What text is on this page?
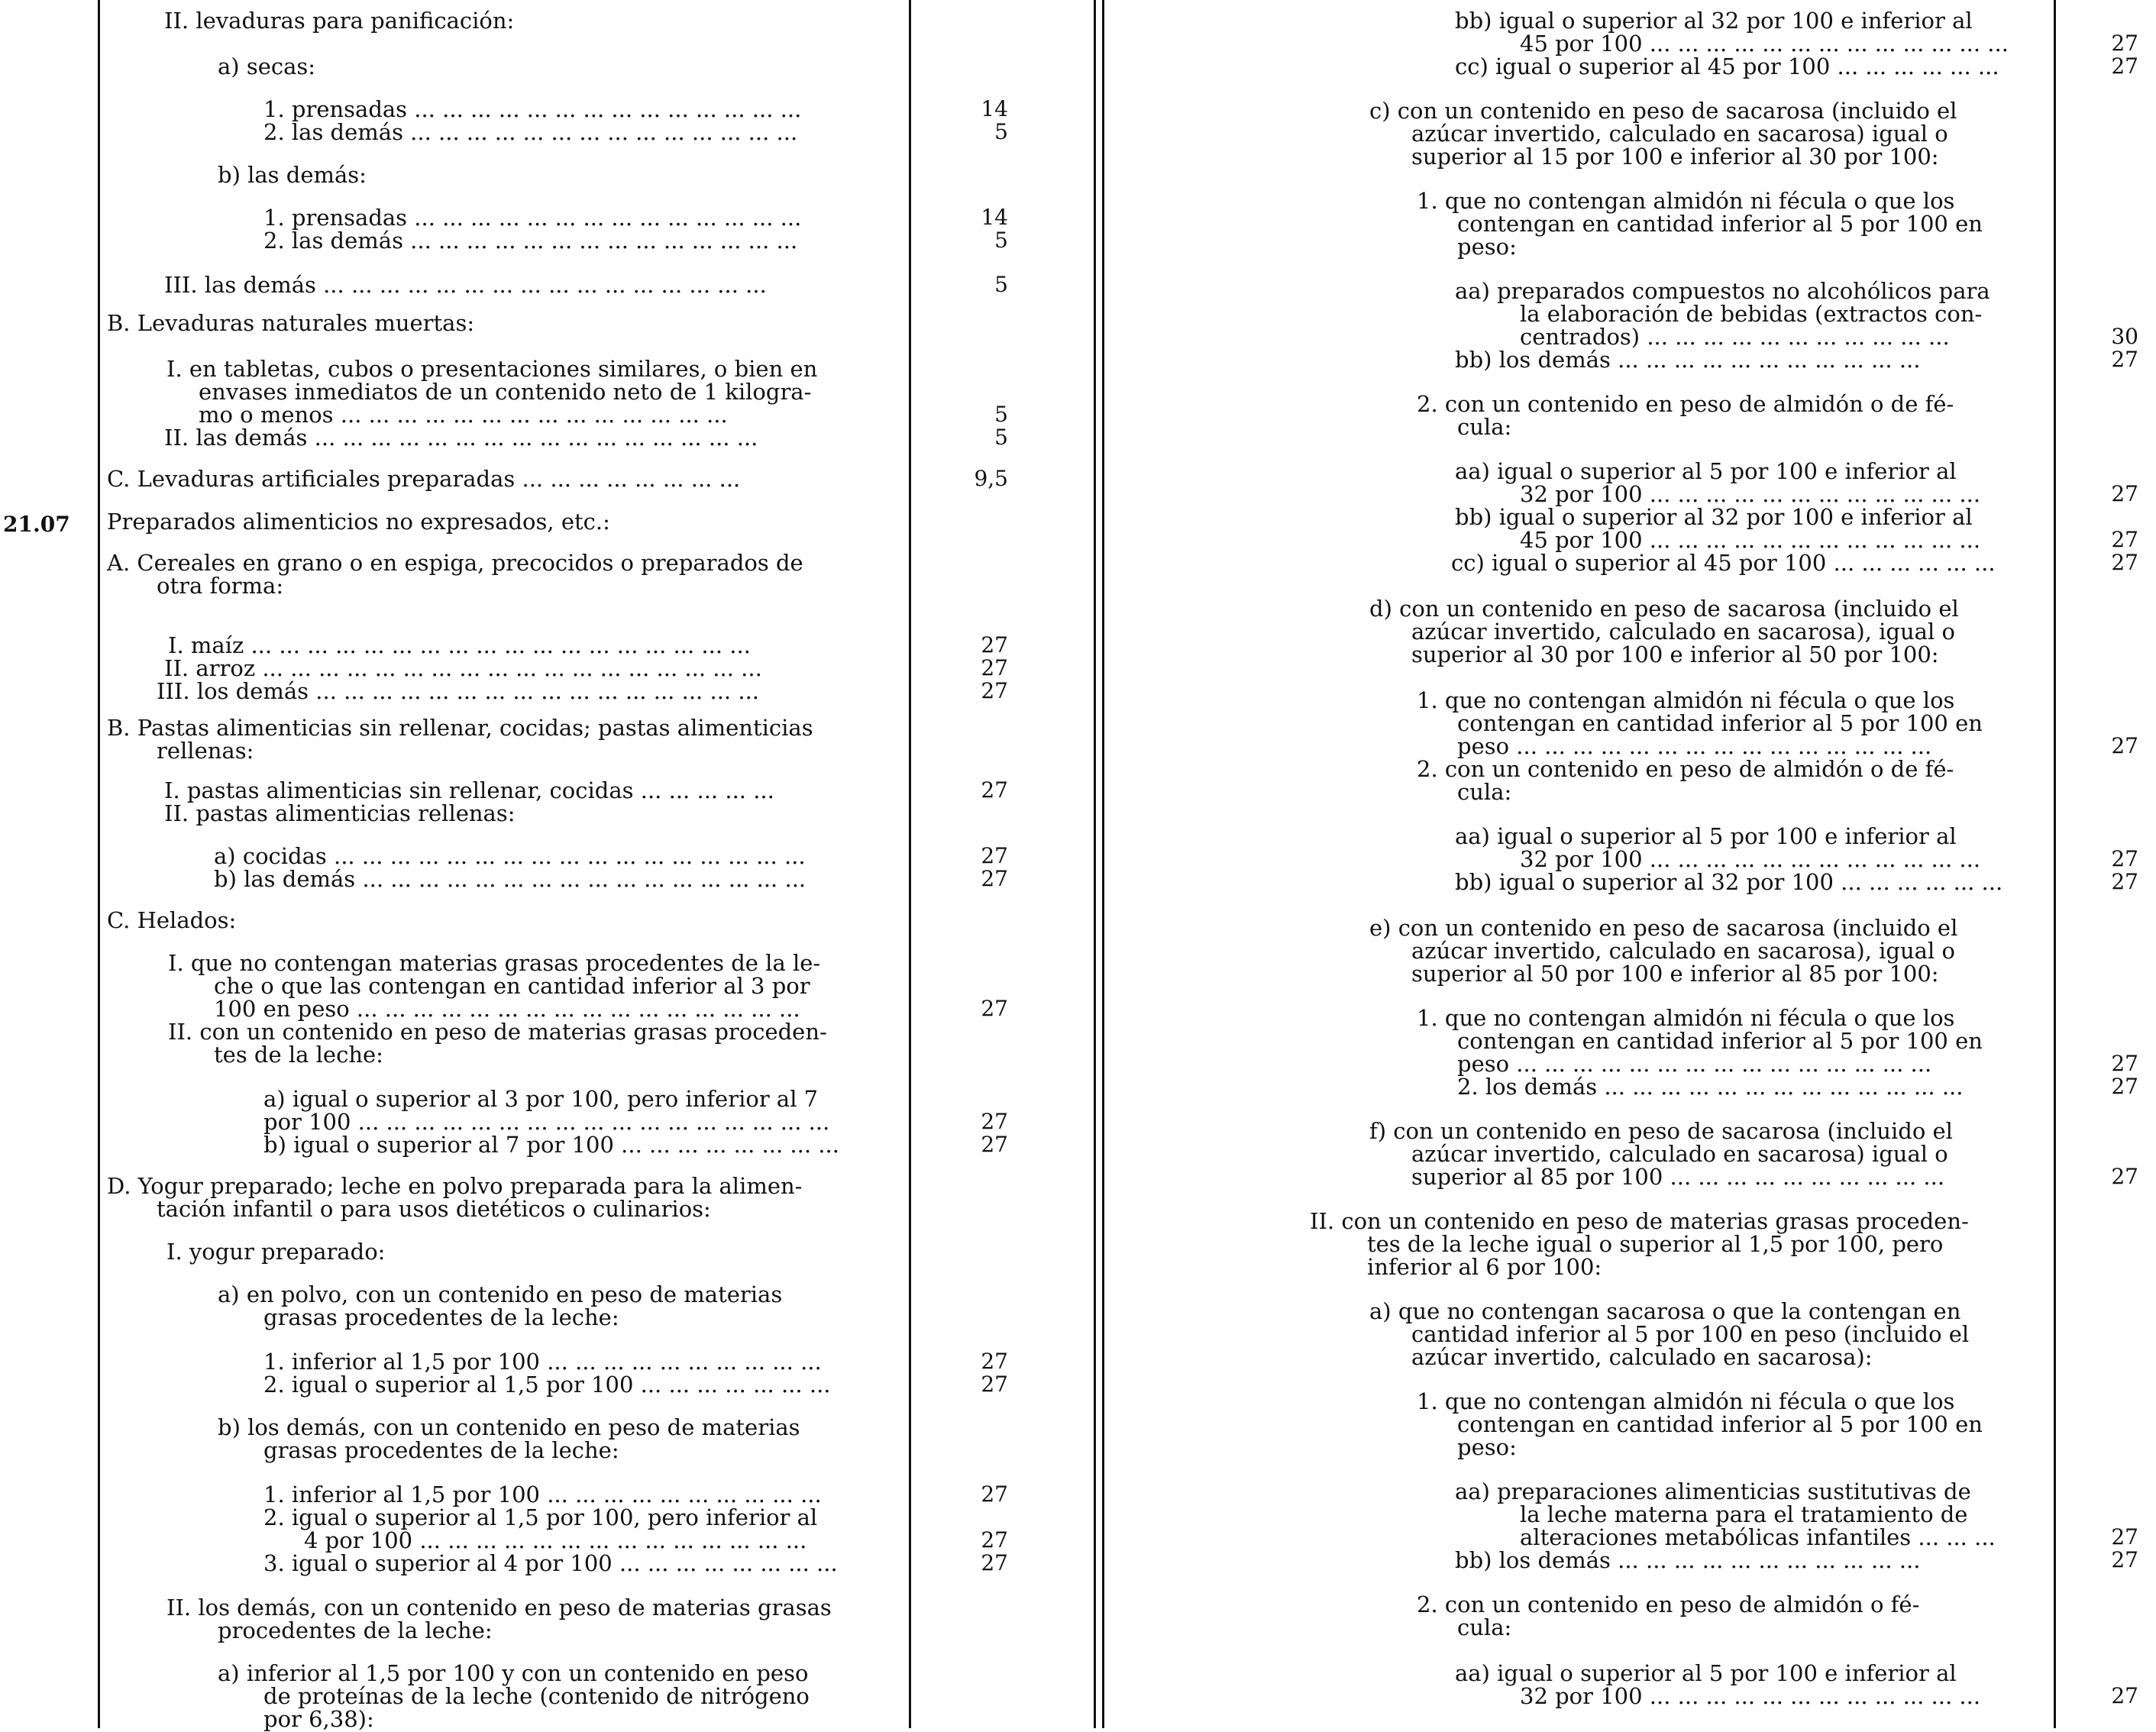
21.07
II. levaduras para panificación:
a) secas:
1. prensadas ... ... ... ... ... ... ... ... ... ... ... ... ... ...	14
2. las demás ... ... ... ... ... ... ... ... ... ... ... ... ... ...	5
b) las demás:
1. prensadas ... ... ... ... ... ... ... ... ... ... ... ... ... ...	14
2. las demás ... ... ... ... ... ... ... ... ... ... ... ... ... ...	5
III. las demás ... ... ... ... ... ... ... ... ... ... ... ... ... ... ... ...	5
B. Levaduras naturales muertas:
I. en tabletas, cubos o presentaciones similares, o bien en
envases inmediatos de un contenido neto de 1 kilogra-
mo o menos ... ... ... ... ... ... ... ... ... ... ... ... ... ...	5
II. las demás ... ... ... ... ... ... ... ... ... ... ... ... ... ... ... ...	5
C. Levaduras artificiales preparadas ... ... ... ... ... ... ... ...	9,5
Preparados alimenticios no expresados, etc.:
A. Cereales en grano o en espiga, precocidos o preparados de
otra forma:
I. maíz ... ... ... ... ... ... ... ... ... ... ... ... ... ... ... ... ... ...	27
II. arroz ... ... ... ... ... ... ... ... ... ... ... ... ... ... ... ... ... ...	27
III. los demás ... ... ... ... ... ... ... ... ... ... ... ... ... ... ... ...	27
B. Pastas alimenticias sin rellenar, cocidas; pastas alimenticias
rellenas:
I. pastas alimenticias sin rellenar, cocidas ... ... ... ... ...	27
II. pastas alimenticias rellenas:
a) cocidas ... ... ... ... ... ... ... ... ... ... ... ... ... ... ... ... ...	27
b) las demás ... ... ... ... ... ... ... ... ... ... ... ... ... ... ... ...	27
C. Helados:
I. que no contengan materias grasas procedentes de la le-
che o que las contengan en cantidad inferior al 3 por
100 en peso ... ... ... ... ... ... ... ... ... ... ... ... ... ... ... ...	27
II. con un contenido en peso de materias grasas proceden-
tes de la leche:
a) igual o superior al 3 por 100, pero inferior al 7
por 100 ... ... ... ... ... ... ... ... ... ... ... ... ... ... ... ... ...	27
b) igual o superior al 7 por 100 ... ... ... ... ... ... ... ...	27
D. Yogur preparado; leche en polvo preparada para la alimen-
tación infantil o para usos dietéticos o culinarios:
I. yogur preparado:
a) en polvo, con un contenido en peso de materias
grasas procedentes de la leche:
1. inferior al 1,5 por 100 ... ... ... ... ... ... ... ... ... ...	27
2. igual o superior al 1,5 por 100 ... ... ... ... ... ... ...	27
b) los demás, con un contenido en peso de materias
grasas procedentes de la leche:
1. inferior al 1,5 por 100 ... ... ... ... ... ... ... ... ... ...	27
2. igual o superior al 1,5 por 100, pero inferior al
4 por 100 ... ... ... ... ... ... ... ... ... ... ... ... ... ...	27
3. igual o superior al 4 por 100 ... ... ... ... ... ... ... ...	27
II. los demás, con un contenido en peso de materias grasas
procedentes de la leche:
a) inferior al 1,5 por 100 y con un contenido en peso
de proteínas de la leche (contenido de nitrógeno
por 6,38):
bb) igual o superior al 32 por 100 e inferior al
45 por 100 ... ... ... ... ... ... ... ... ... ... ... ... ...	27
cc) igual o superior al 45 por 100 ... ... ... ... ... ...	27
c) con un contenido en peso de sacarosa (incluido el
azúcar invertido, calculado en sacarosa) igual o
superior al 15 por 100 e inferior al 30 por 100:
1. que no contengan almidón ni fécula o que los
contengan en cantidad inferior al 5 por 100 en
peso:
aa) preparados compuestos no alcohólicos para
la elaboración de bebidas (extractos con-
centrados) ... ... ... ... ... ... ... ... ... ... ...	30
bb) los demás ... ... ... ... ... ... ... ... ... ... ...	27
2. con un contenido en peso de almidón o de fé-
cula:
aa) igual o superior al 5 por 100 e inferior al
32 por 100 ... ... ... ... ... ... ... ... ... ... ... ...	27
bb) igual o superior al 32 por 100 e inferior al
45 por 100 ... ... ... ... ... ... ... ... ... ... ... ...	27
cc) igual o superior al 45 por 100 ... ... ... ... ... ...	27
d) con un contenido en peso de sacarosa (incluido el
azúcar invertido, calculado en sacarosa), igual o
superior al 30 por 100 e inferior al 50 por 100:
1. que no contengan almidón ni fécula o que los
contengan en cantidad inferior al 5 por 100 en
peso ... ... ... ... ... ... ... ... ... ... ... ... ... ... ...	27
2. con un contenido en peso de almidón o de fé-
cula:
aa) igual o superior al 5 por 100 e inferior al
32 por 100 ... ... ... ... ... ... ... ... ... ... ... ...	27
bb) igual o superior al 32 por 100 ... ... ... ... ... ...	27
e) con un contenido en peso de sacarosa (incluido el
azúcar invertido, calculado en sacarosa), igual o
superior al 50 por 100 e inferior al 85 por 100:
1. que no contengan almidón ni fécula o que los
contengan en cantidad inferior al 5 por 100 en
peso ... ... ... ... ... ... ... ... ... ... ... ... ... ... ...	27
2. los demás ... ... ... ... ... ... ... ... ... ... ... ... ...	27
f) con un contenido en peso de sacarosa (incluido el
azúcar invertido, calculado en sacarosa) igual o
superior al 85 por 100 ... ... ... ... ... ... ... ... ... ...	27
II. con un contenido en peso de materias grasas proceden-
tes de la leche igual o superior al 1,5 por 100, pero
inferior al 6 por 100:
a) que no contengan sacarosa o que la contengan en
cantidad inferior al 5 por 100 en peso (incluido el
azúcar invertido, calculado en sacarosa):
1. que no contengan almidón ni fécula o que los
contengan en cantidad inferior al 5 por 100 en
peso:
aa) preparaciones alimenticias sustitutivas de
la leche materna para el tratamiento de
alteraciones metabólicas infantiles ... ... ...	27
bb) los demás ... ... ... ... ... ... ... ... ... ... ...	27
2. con un contenido en peso de almidón o fé-
cula:
aa) igual o superior al 5 por 100 e inferior al
32 por 100 ... ... ... ... ... ... ... ... ... ... ... ...	27
